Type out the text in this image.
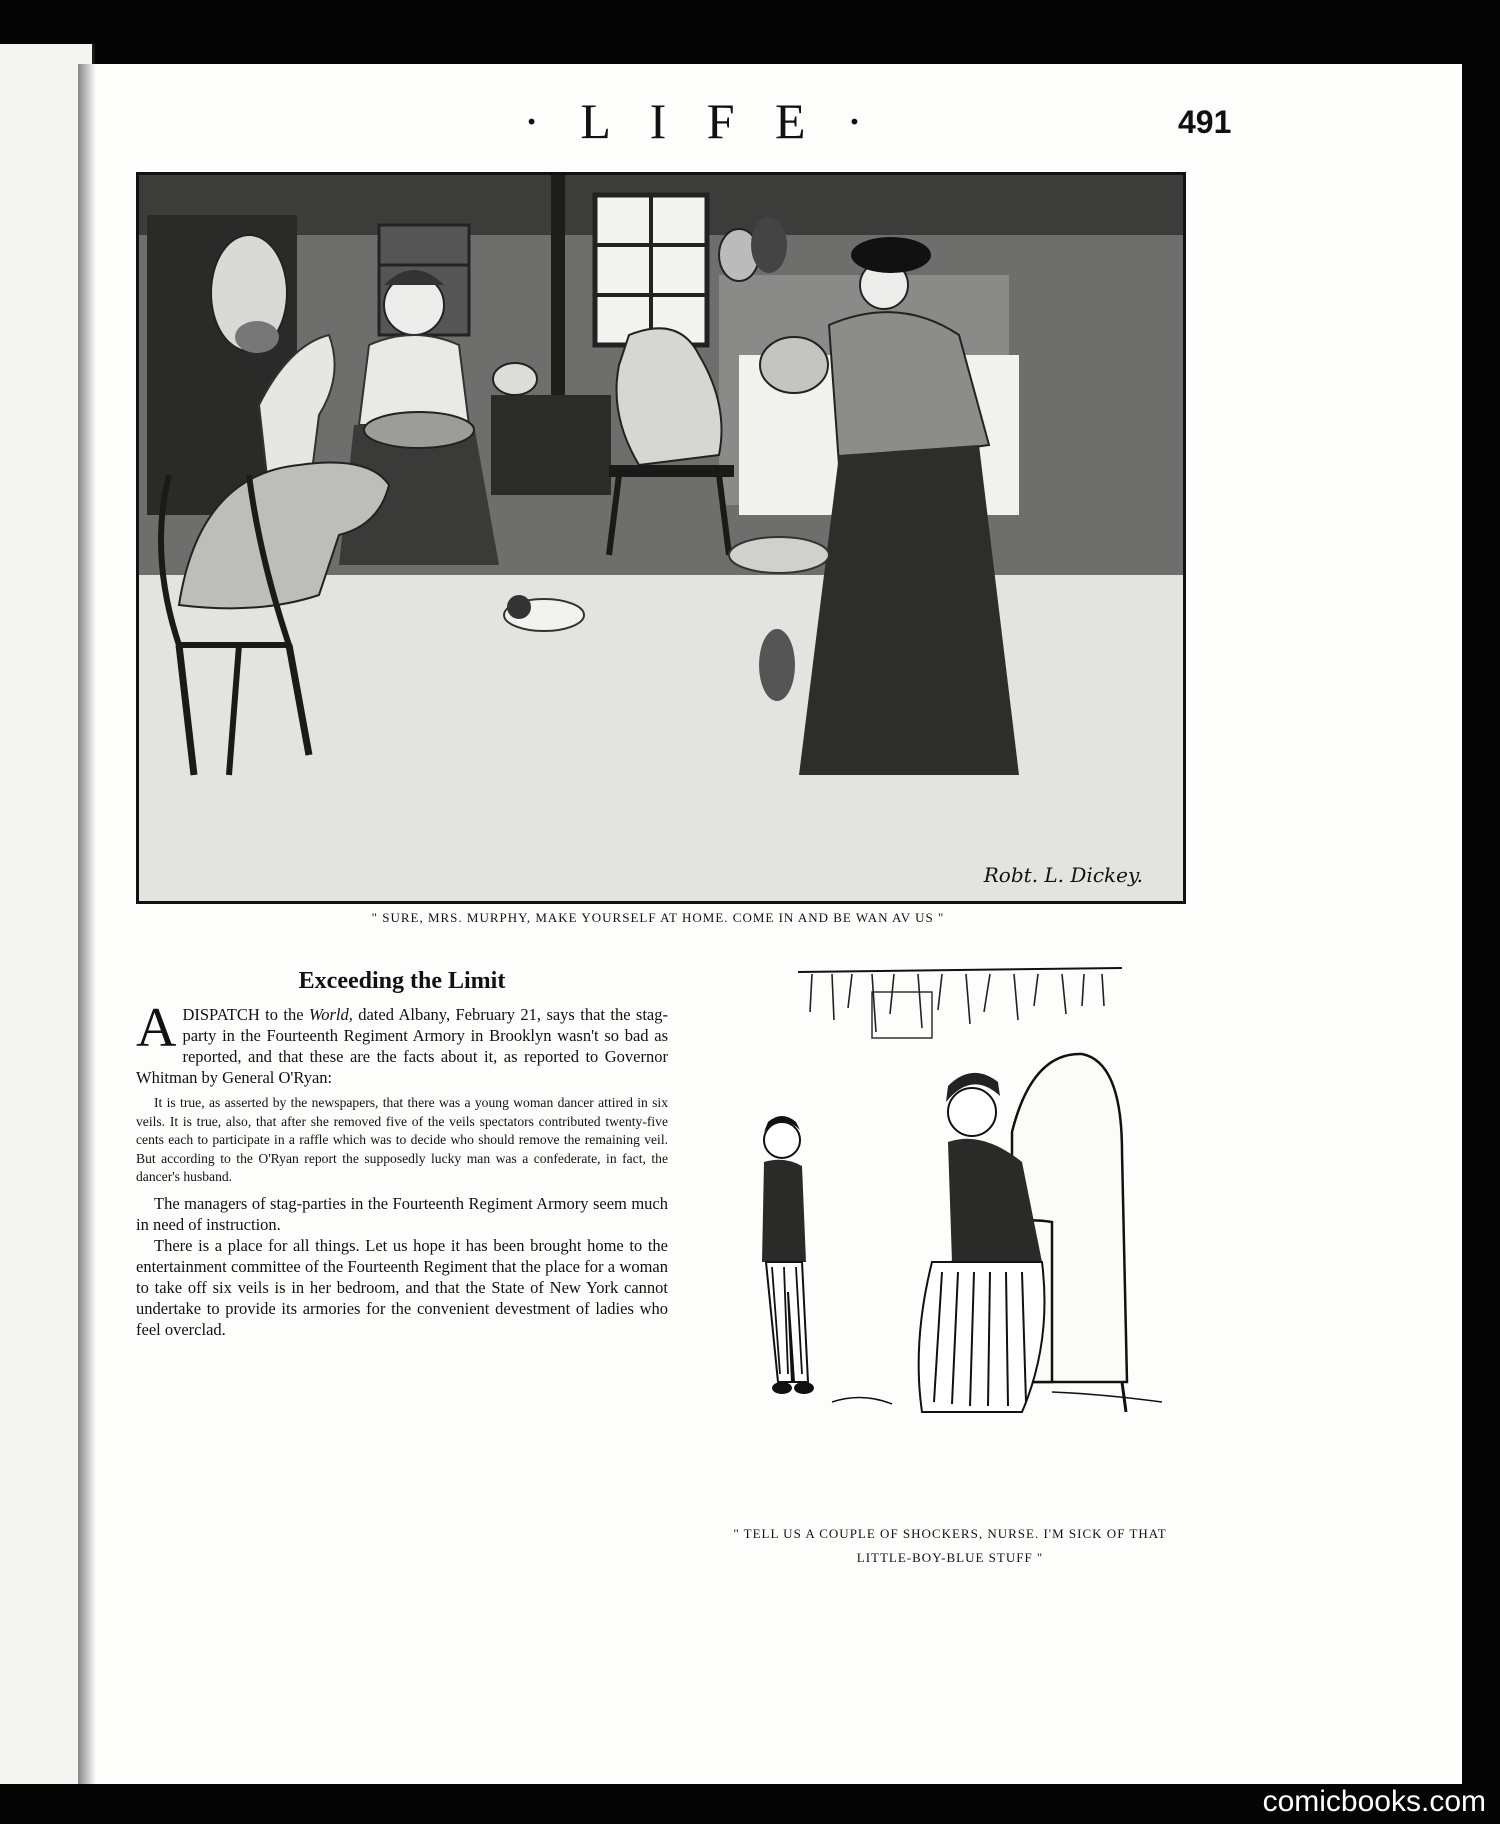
· L I F E ·	491
Robt. L. Dickey.
" SURE, MRS. MURPHY, MAKE YOURSELF AT HOME. COME IN AND BE WAN AV US "
Exceeding the Limit

A DISPATCH to the World, dated Albany, February 21, says that the stag-party in the Fourteenth Regiment Armory in Brooklyn wasn't so bad as reported, and that these are the facts about it, as reported to Governor Whitman by General O'Ryan:

It is true, as asserted by the newspapers, that there was a young woman dancer attired in six veils. It is true, also, that after she removed five of the veils spectators contributed twenty-five cents each to participate in a raffle which was to decide who should remove the remaining veil. But according to the O'Ryan report the supposedly lucky man was a confederate, in fact, the dancer's husband.

The managers of stag-parties in the Fourteenth Regiment Armory seem much in need of instruction.

There is a place for all things. Let us hope it has been brought home to the entertainment committee of the Fourteenth Regiment that the place for a woman to take off six veils is in her bedroom, and that the State of New York cannot undertake to provide its armories for the convenient devestment of ladies who feel overclad.

" TELL US A COUPLE OF SHOCKERS, NURSE. I'M SICK OF THAT
LITTLE-BOY-BLUE STUFF "
comicbooks.com
